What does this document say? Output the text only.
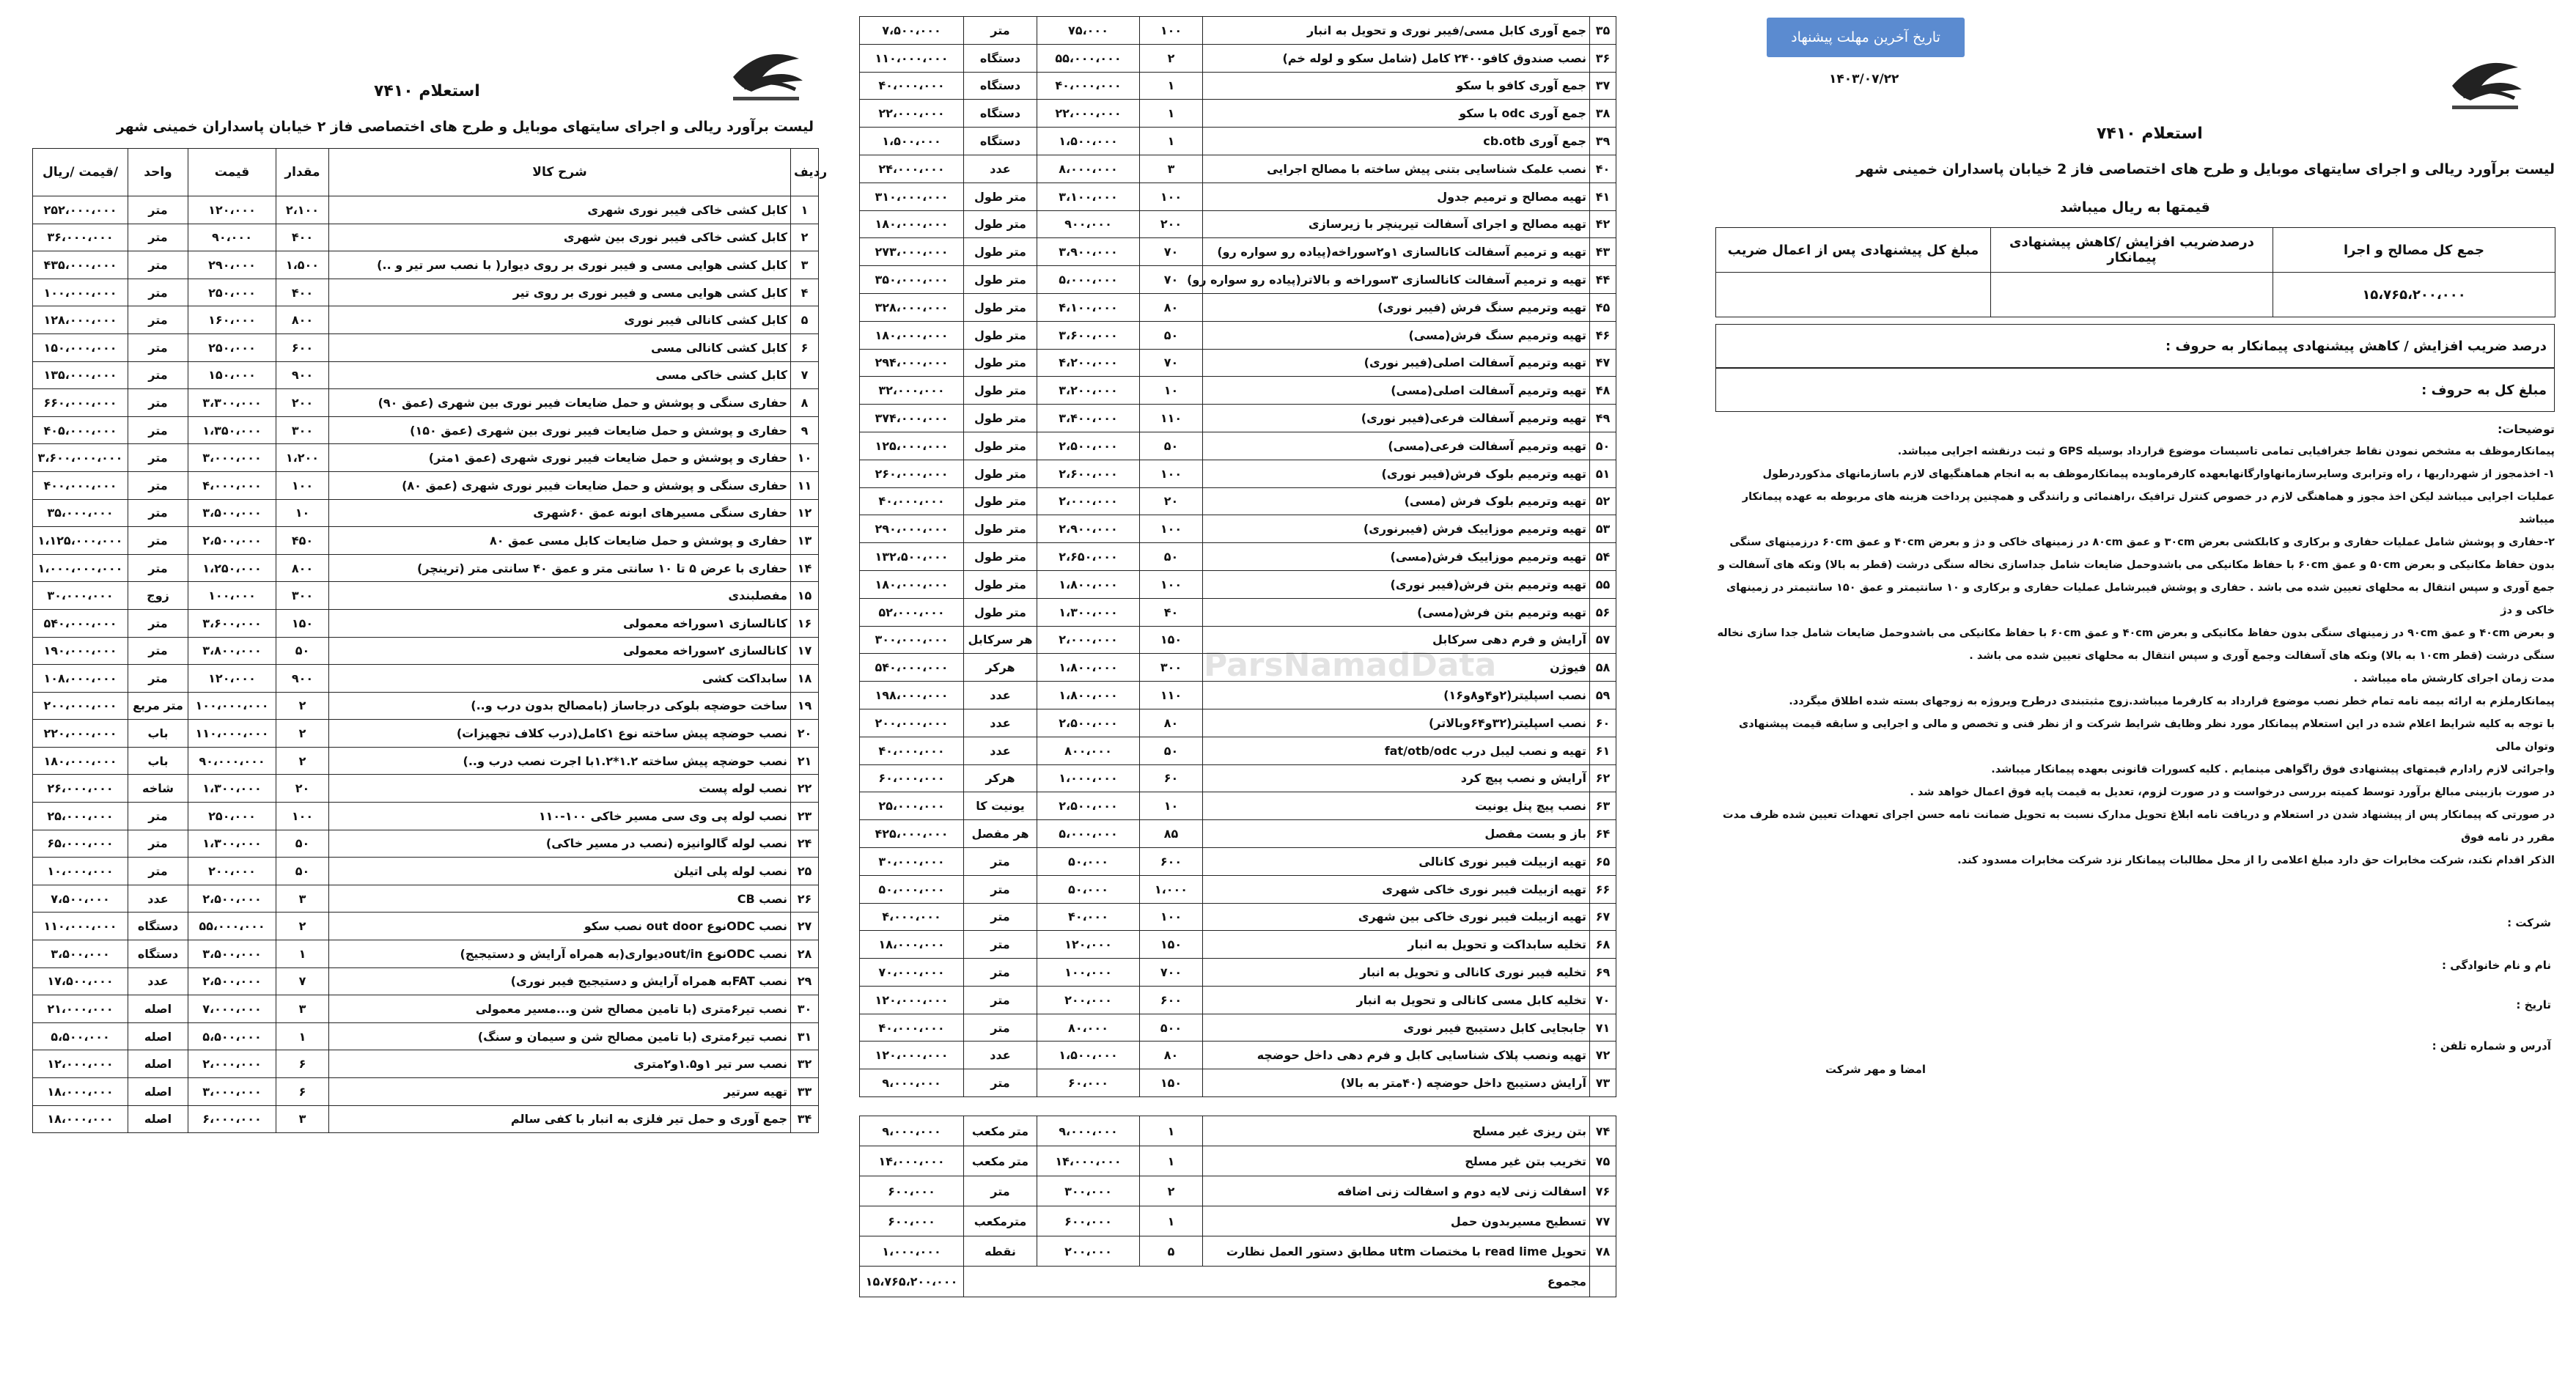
استعلام ۷۴۱۰
لیست برآورد ریالی و اجرای سایتهای موبایل و طرح های اختصاصی فاز ۲ خیابان پاسداران خمینی شهر
قیمت /ریال/	واحد	قیمت	مقدار	شرح کالا	ردیف
۲۵۲،۰۰۰،۰۰۰	متر	۱۲۰،۰۰۰	۲،۱۰۰	کابل کشی خاکی فیبر نوری شهری	۱
۳۶،۰۰۰،۰۰۰	متر	۹۰،۰۰۰	۴۰۰	کابل کشی خاکی فیبر نوری بین شهری	۲
۴۳۵،۰۰۰،۰۰۰	متر	۲۹۰،۰۰۰	۱،۵۰۰	کابل کشی هوایی مسی و فیبر نوری بر روی دیوار( با نصب سر تیر و ..)	۳
۱۰۰،۰۰۰،۰۰۰	متر	۲۵۰،۰۰۰	۴۰۰	کابل کشی هوایی مسی و فیبر نوری بر روی تیر	۴
۱۲۸،۰۰۰،۰۰۰	متر	۱۶۰،۰۰۰	۸۰۰	کابل کشی کانالی فیبر نوری	۵
۱۵۰،۰۰۰،۰۰۰	متر	۲۵۰،۰۰۰	۶۰۰	کابل کشی کانالی مسی	۶
۱۳۵،۰۰۰،۰۰۰	متر	۱۵۰،۰۰۰	۹۰۰	کابل کشی خاکی مسی	۷
۶۶۰،۰۰۰،۰۰۰	متر	۳،۳۰۰،۰۰۰	۲۰۰	حفاری سنگی و پوشش و حمل ضایعات فیبر نوری بین شهری (عمق ۹۰)	۸
۴۰۵،۰۰۰،۰۰۰	متر	۱،۳۵۰،۰۰۰	۳۰۰	حفاری و پوشش و حمل ضایعات فیبر نوری بین شهری (عمق ۱۵۰)	۹
۳،۶۰۰،۰۰۰،۰۰۰	متر	۳،۰۰۰،۰۰۰	۱،۲۰۰	حفاری و پوشش و حمل ضایعات فیبر نوری شهری (عمق ۱متر)	۱۰
۴۰۰،۰۰۰،۰۰۰	متر	۴،۰۰۰،۰۰۰	۱۰۰	حفاری سنگی و پوشش و حمل ضایعات فیبر نوری شهری (عمق ۸۰)	۱۱
۳۵،۰۰۰،۰۰۰	متر	۳،۵۰۰،۰۰۰	۱۰	حفاری سنگی مسیرهای ابونه عمق ۶۰شهری	۱۲
۱،۱۲۵،۰۰۰،۰۰۰	متر	۲،۵۰۰،۰۰۰	۴۵۰	حفاری و پوشش و حمل ضایعات کابل مسی عمق ۸۰	۱۳
۱،۰۰۰،۰۰۰،۰۰۰	متر	۱،۲۵۰،۰۰۰	۸۰۰	حفاری با عرض ۵ تا ۱۰ سانتی متر و عمق ۴۰ سانتی متر (ترینچر)	۱۴
۳۰،۰۰۰،۰۰۰	زوج	۱۰۰،۰۰۰	۳۰۰	مفصلبندی	۱۵
۵۴۰،۰۰۰،۰۰۰	متر	۳،۶۰۰،۰۰۰	۱۵۰	کانالسازی ۱سوراخه معمولی	۱۶
۱۹۰،۰۰۰،۰۰۰	متر	۳،۸۰۰،۰۰۰	۵۰	کانالسازی ۲سوراخه معمولی	۱۷
۱۰۸،۰۰۰،۰۰۰	متر	۱۲۰،۰۰۰	۹۰۰	سابداکت کشی	۱۸
۲۰۰،۰۰۰،۰۰۰	متر مربع	۱۰۰،۰۰۰،۰۰۰	۲	ساخت حوضچه بلوکی درجاساز (بامصالح بدون درب و..)	۱۹
۲۲۰،۰۰۰،۰۰۰	باب	۱۱۰،۰۰۰،۰۰۰	۲	نصب حوضچه پیش ساخته نوع ۱کامل(درب کلاف تجهیزات)	۲۰
۱۸۰،۰۰۰،۰۰۰	باب	۹۰،۰۰۰،۰۰۰	۲	نصب حوضچه پیش ساخته ۱.۲*۱.۲با اجرت نصب درب و..)	۲۱
۲۶،۰۰۰،۰۰۰	شاخه	۱،۳۰۰،۰۰۰	۲۰	نصب لوله پست	۲۲
۲۵،۰۰۰،۰۰۰	متر	۲۵۰،۰۰۰	۱۰۰	نصب لوله پی وی سی مسیر خاکی ۱۰۰-۱۱۰	۲۳
۶۵،۰۰۰،۰۰۰	متر	۱،۳۰۰،۰۰۰	۵۰	نصب لوله گالوانیزه (نصب در مسیر خاکی)	۲۴
۱۰،۰۰۰،۰۰۰	متر	۲۰۰،۰۰۰	۵۰	نصب لوله پلی اتیلن	۲۵
۷،۵۰۰،۰۰۰	عدد	۲،۵۰۰،۰۰۰	۳	نصب CB	۲۶
۱۱۰،۰۰۰،۰۰۰	دستگاه	۵۵،۰۰۰،۰۰۰	۲	نصب ODCنوع out door نصب سکو	۲۷
۳،۵۰۰،۰۰۰	دستگاه	۳،۵۰۰،۰۰۰	۱	نصب ODCنوع out/inدیواری(به همراه آرایش و دستیجیج)	۲۸
۱۷،۵۰۰،۰۰۰	عدد	۲،۵۰۰،۰۰۰	۷	نصب FATبه همراه آرایش و دستیجیج فیبر نوری)	۲۹
۲۱،۰۰۰،۰۰۰	اصله	۷،۰۰۰،۰۰۰	۳	نصب تیر۶متری (با تامین مصالح شن و...مسیر معمولی	۳۰
۵،۵۰۰،۰۰۰	اصله	۵،۵۰۰،۰۰۰	۱	نصب تیر۶متری (با تامین مصالح شن و سیمان و سنگ)	۳۱
۱۲،۰۰۰،۰۰۰	اصله	۲،۰۰۰،۰۰۰	۶	نصب سر تیر ۱و۱.۵و۲متری	۳۲
۱۸،۰۰۰،۰۰۰	اصله	۳،۰۰۰،۰۰۰	۶	تهیه سرتیر	۳۳
۱۸،۰۰۰،۰۰۰	اصله	۶،۰۰۰،۰۰۰	۳	جمع آوری و حمل تیر فلزی به انبار با کفی سالم	۳۴
ParsNamadData
۷،۵۰۰،۰۰۰	متر	۷۵،۰۰۰	۱۰۰	جمع آوری کابل مسی/فیبر نوری و تحویل به انبار	۳۵
۱۱۰،۰۰۰،۰۰۰	دستگاه	۵۵،۰۰۰،۰۰۰	۲	نصب صندوق کافو۲۴۰۰ کامل (شامل سکو و لوله خم)	۳۶
۴۰،۰۰۰،۰۰۰	دستگاه	۴۰،۰۰۰،۰۰۰	۱	جمع آوری کافو با سکو	۳۷
۲۲،۰۰۰،۰۰۰	دستگاه	۲۲،۰۰۰،۰۰۰	۱	جمع آوری odc با سکو	۳۸
۱،۵۰۰،۰۰۰	دستگاه	۱،۵۰۰،۰۰۰	۱	جمع آوری cb.otb	۳۹
۲۴،۰۰۰،۰۰۰	عدد	۸،۰۰۰،۰۰۰	۳	نصب علمک شناسایی بتنی پیش ساخته با مصالح اجرایی	۴۰
۳۱۰،۰۰۰،۰۰۰	متر طول	۳،۱۰۰،۰۰۰	۱۰۰	تهیه مصالح و ترمیم جدول	۴۱
۱۸۰،۰۰۰،۰۰۰	متر طول	۹۰۰،۰۰۰	۲۰۰	تهیه مصالح و اجرای آسفالت تیرینچر با زیرسازی	۴۲
۲۷۳،۰۰۰،۰۰۰	متر طول	۳،۹۰۰،۰۰۰	۷۰	تهیه و ترمیم آسفالت کانالسازی ۱و۲سوراخه(پیاده رو سواره رو)	۴۳
۳۵۰،۰۰۰،۰۰۰	متر طول	۵،۰۰۰،۰۰۰	۷۰	تهیه و ترمیم آسفالت کانالسازی ۳سوراخه و بالاتر(پیاده رو سواره رو)	۴۴
۳۲۸،۰۰۰،۰۰۰	متر طول	۴،۱۰۰،۰۰۰	۸۰	تهیه وترمیم سنگ فرش (فیبر نوری)	۴۵
۱۸۰،۰۰۰،۰۰۰	متر طول	۳،۶۰۰،۰۰۰	۵۰	تهیه وترمیم سنگ فرش(مسی)	۴۶
۲۹۴،۰۰۰،۰۰۰	متر طول	۴،۲۰۰،۰۰۰	۷۰	تهیه وترمیم آسفالت اصلی(فیبر نوری)	۴۷
۳۲،۰۰۰،۰۰۰	متر طول	۳،۲۰۰،۰۰۰	۱۰	تهیه وترمیم آسفالت اصلی(مسی)	۴۸
۳۷۴،۰۰۰،۰۰۰	متر طول	۳،۴۰۰،۰۰۰	۱۱۰	تهیه وترمیم آسفالت فرعی(فیبر نوری)	۴۹
۱۲۵،۰۰۰،۰۰۰	متر طول	۲،۵۰۰،۰۰۰	۵۰	تهیه وترمیم آسفالت فرعی(مسی)	۵۰
۲۶۰،۰۰۰،۰۰۰	متر طول	۲،۶۰۰،۰۰۰	۱۰۰	تهیه وترمیم بلوک فرش(فیبر نوری)	۵۱
۴۰،۰۰۰،۰۰۰	متر طول	۲،۰۰۰،۰۰۰	۲۰	تهیه وترمیم بلوک فرش (مسی)	۵۲
۲۹۰،۰۰۰،۰۰۰	متر طول	۲،۹۰۰،۰۰۰	۱۰۰	تهیه وترمیم موزاییک فرش (فیبرنوری)	۵۳
۱۳۲،۵۰۰،۰۰۰	متر طول	۲،۶۵۰،۰۰۰	۵۰	تهیه وترمیم موزاییک فرش(مسی)	۵۴
۱۸۰،۰۰۰،۰۰۰	متر طول	۱،۸۰۰،۰۰۰	۱۰۰	تهیه وترمیم بتن فرش(فیبر نوری)	۵۵
۵۲،۰۰۰،۰۰۰	متر طول	۱،۳۰۰،۰۰۰	۴۰	تهیه وترمیم بتن فرش(مسی)	۵۶
۳۰۰،۰۰۰،۰۰۰	هر سرکابل	۲،۰۰۰،۰۰۰	۱۵۰	آرایش و فرم دهی سرکابل	۵۷
۵۴۰،۰۰۰،۰۰۰	هرکر	۱،۸۰۰،۰۰۰	۳۰۰	فیوژن	۵۸
۱۹۸،۰۰۰،۰۰۰	عدد	۱،۸۰۰،۰۰۰	۱۱۰	نصب اسپلیتر(۲و۴و۸و۱۶)	۵۹
۲۰۰،۰۰۰،۰۰۰	عدد	۲،۵۰۰،۰۰۰	۸۰	نصب اسپلیتر(۳۲و۶۴وبالاتر)	۶۰
۴۰،۰۰۰،۰۰۰	عدد	۸۰۰،۰۰۰	۵۰	تهیه و نصب لیبل درب fat/otb/odc	۶۱
۶۰،۰۰۰،۰۰۰	هرکر	۱،۰۰۰،۰۰۰	۶۰	آرایش و نصب پیچ کرد	۶۲
۲۵،۰۰۰،۰۰۰	یونیت کا	۲،۵۰۰،۰۰۰	۱۰	نصب پیچ پنل یونیت	۶۳
۴۲۵،۰۰۰،۰۰۰	هر مفصل	۵،۰۰۰،۰۰۰	۸۵	باز و بست مفصل	۶۴
۳۰،۰۰۰،۰۰۰	متر	۵۰،۰۰۰	۶۰۰	تهیه ازبیلت فیبر نوری کانالی	۶۵
۵۰،۰۰۰،۰۰۰	متر	۵۰،۰۰۰	۱،۰۰۰	تهیه ازبیلت فیبر نوری خاکی شهری	۶۶
۴،۰۰۰،۰۰۰	متر	۴۰،۰۰۰	۱۰۰	تهیه ازبیلت فیبر نوری خاکی بین شهری	۶۷
۱۸،۰۰۰،۰۰۰	متر	۱۲۰،۰۰۰	۱۵۰	تخلیه سابداکت و تحویل به انبار	۶۸
۷۰،۰۰۰،۰۰۰	متر	۱۰۰،۰۰۰	۷۰۰	تخلیه فیبر نوری کانالی و تحویل به انبار	۶۹
۱۲۰،۰۰۰،۰۰۰	متر	۲۰۰،۰۰۰	۶۰۰	تخلیه کابل مسی کانالی و تحویل به انبار	۷۰
۴۰،۰۰۰،۰۰۰	متر	۸۰،۰۰۰	۵۰۰	جابجایی کابل دستیبج فیبر نوری	۷۱
۱۲۰،۰۰۰،۰۰۰	عدد	۱،۵۰۰،۰۰۰	۸۰	تهیه ونصب پلاک شناسایی کابل و فرم دهی داخل حوضچه	۷۲
۹،۰۰۰،۰۰۰	متر	۶۰،۰۰۰	۱۵۰	آرایش دستیبج داخل حوضچه (۴۰متر به بالا)	۷۳
۹،۰۰۰،۰۰۰	متر مکعب	۹،۰۰۰،۰۰۰	۱	بتن ریزی غیر مسلح	۷۴
۱۴،۰۰۰،۰۰۰	متر مکعب	۱۴،۰۰۰،۰۰۰	۱	تخریب بتن غیر مسلح	۷۵
۶۰۰،۰۰۰	متر	۳۰۰،۰۰۰	۲	اسفالت زنی لایه دوم و اسفالت زنی اضافه	۷۶
۶۰۰،۰۰۰	مترمکعب	۶۰۰،۰۰۰	۱	تسطیح مسیربدون حمل	۷۷
۱،۰۰۰،۰۰۰	نقطه	۲۰۰،۰۰۰	۵	تحویل read lime با مختصات utm مطابق دستور العمل نظارت	۷۸
۱۵،۷۶۵،۲۰۰،۰۰۰	مجموع				
تاریخ آخرین مهلت پیشنهاد
۱۴۰۳/۰۷/۲۲
استعلام ۷۴۱۰
لیست برآورد ریالی و اجرای سایتهای موبایل و طرح های اختصاصی فاز 2 خیابان پاسداران خمینی شهر
قیمتها به ریال میباشد
جمع کل مصالح و اجرا	درصدضریب افزایش /کاهش پیشنهادی پیمانکار	مبلغ کل پیشنهادی پس از اعمال ضریب
۱۵،۷۶۵،۲۰۰،۰۰۰		
درصد ضریب افزایش / کاهش پیشنهادی پیمانکار به حروف :
مبلغ کل به حروف :

توضیحات:

پیمانکارموظف به مشخص نمودن نقاط جغرافیایی تمامی تاسیسات موضوع قرارداد بوسیله GPS و ثبت درنقشه اجرایی میباشد.

۱- اخذمجوز از شهرداریها ، راه وترابری وسایرسازمانهاوارگانهابعهده کارفرماوبده پیمانکارموظف به به انجام هماهنگیهای لازم باسازمانهای مذکوردرطول

عملیات اجرایی میباشد لیکن اخذ مجوز و هماهنگی لازم در خصوص کنترل ترافیک ،راهنمائی و رانندگی و همچنین پرداخت هزینه های مربوطه به عهده پیمانکار میباشد

۲-حفاری و پوشش شامل عملیات حفاری و برکاری و کابلکشی بعرض ۳۰cm و عمق ۸۰cm در زمینهای خاکی و دژ و بعرض ۴۰cm و عمق ۶۰cm درزمینهای سنگی

بدون حفاظ مکانیکی و بعرض ۵۰cm و عمق ۶۰cm با حفاظ مکانیکی می باشدوحمل ضایعات شامل جداسازی نخاله سنگی درشت (قطر به بالا) ونکه های آسفالت و

جمع آوری و سپس انتقال به محلهای تعیین شده می باشد . حفاری و پوشش فیبرشامل عملیات حفاری و برکاری و ۱۰ سانتیمتر و عمق ۱۵۰ سانتیمتر در زمینهای خاکی و دژ

و بعرض ۴۰cm و عمق ۹۰cm در زمینهای سنگی بدون حفاظ مکانیکی و بعرض ۴۰cm و عمق ۶۰cm با حفاظ مکانیکی می باشدوحمل ضایعات شامل جدا سازی نخاله

سنگی درشت (قطر ۱۰cm به بالا) ونکه های آسفالت وجمع آوری و سپس انتقال به محلهای تعیین شده می باشد .

مدت زمان اجرای کارشش ماه میباشد .

پیمانکارملزم به ارائه بیمه نامه تمام خطر نصب موضوع قرارداد به کارفرما میباشد.زوج مثبتبندی درطرح ویروژه به زوجهای بسته شده اطلاق میگردد.

با توجه به کلیه شرایط اعلام شده در این استعلام پیمانکار مورد نظر وظایف شرایط شرکت و از نظر فنی و تخصص و مالی و اجرایی و سابقه قیمت پیشنهادی وتوان مالی

واجرائی لازم رادارم قیمتهای پیشنهادی فوق راگواهی مینمایم . کلیه کسورات قانونی بعهده پیمانکار میباشد.

در صورت بازبینی مبالغ برآورد توسط کمیته بررسی درخواست و در صورت لزوم، تعدیل به قیمت پایه فوق اعمال خواهد شد .

در صورتی که پیمانکار پس از پیشنهاد شدن در استعلام و دریافت نامه ابلاغ تحویل مدارک نسبت به تحویل ضمانت نامه حسن اجرای تعهدات تعیین شده ظرف مدت مقرر در نامه فوق

الذکر اقدام نکند، شرکت مخابرات حق دارد مبلغ اعلامی را از محل مطالبات پیمانکار نزد شرکت مخابرات مسدود کند.

شرکت :
نام و نام خانوادگی :
تاریخ :
آدرس و شماره تلفن :
امضا و مهر شرکت
